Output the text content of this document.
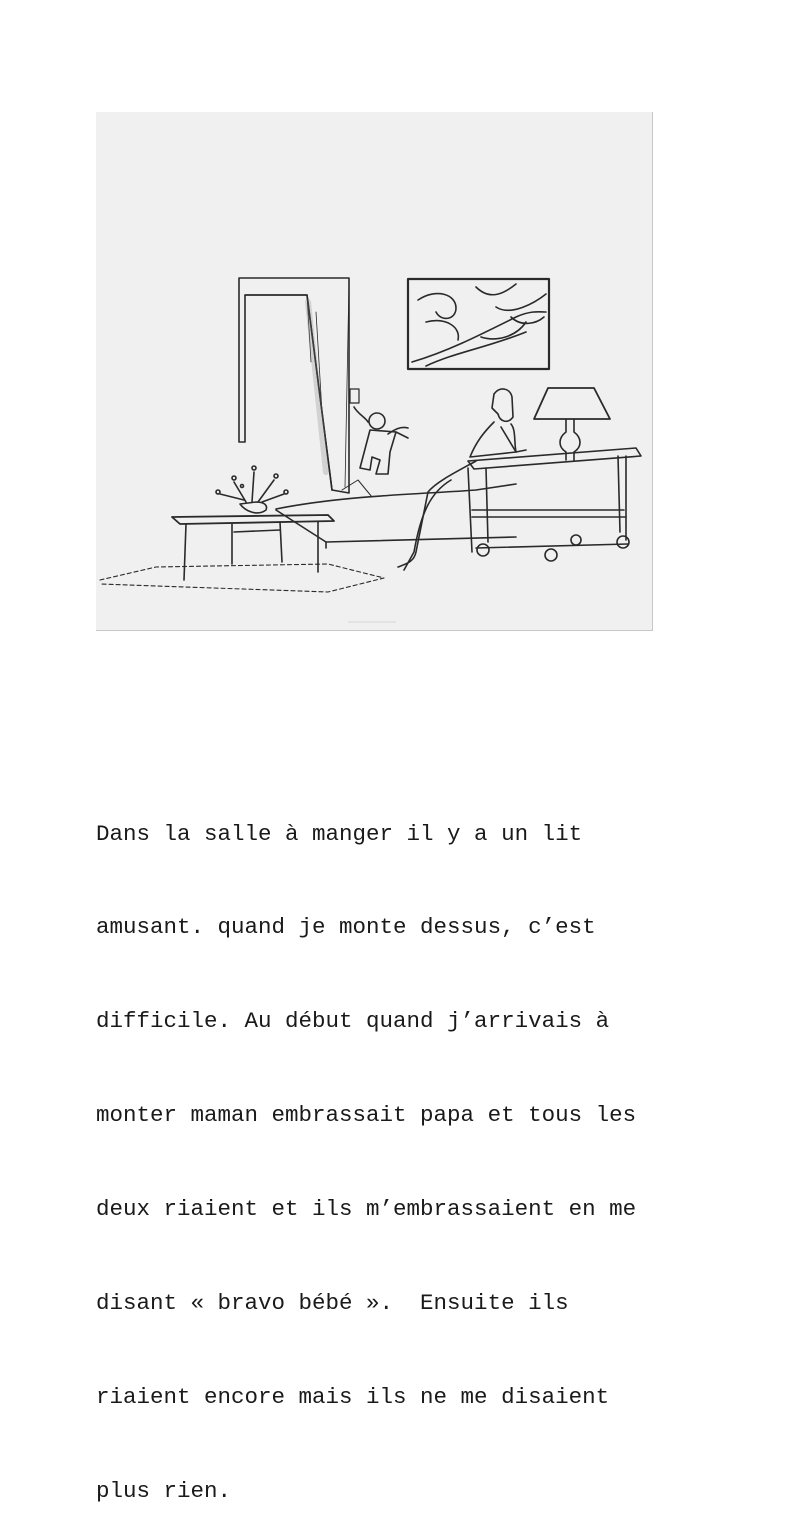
Dans la salle à manger il y a un lit

amusant. quand je monte dessus, c’est

difficile. Au début quand j’arrivais à

monter maman embrassait papa et tous les

deux riaient et ils m’embrassaient en me

disant « bravo bébé ».  Ensuite ils

riaient encore mais ils ne me disaient

plus rien.
